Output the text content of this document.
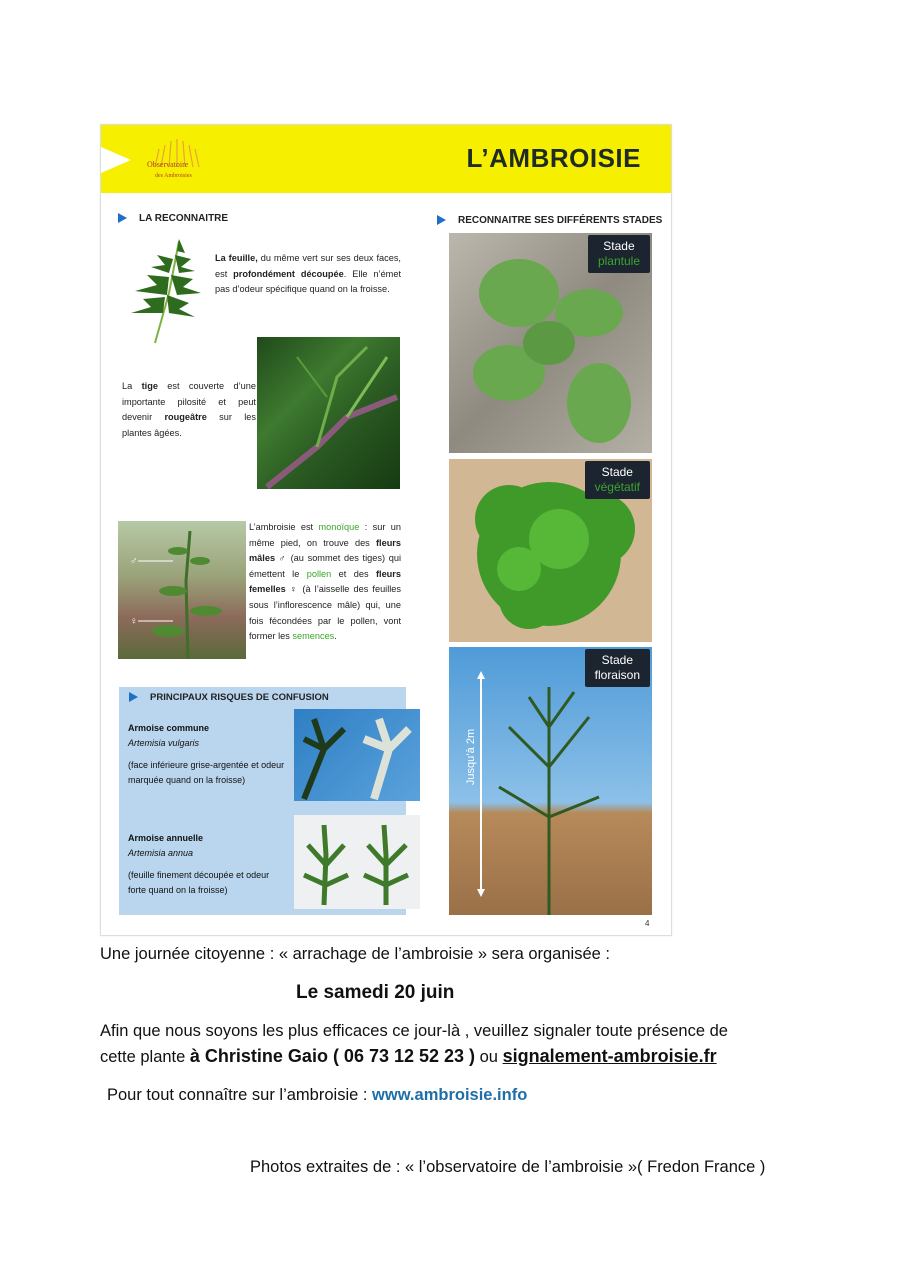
Observatoire
des Ambroisies
L’AMBROISIE
LA RECONNAITRE	RECONNAITRE SES DIFFÉRENTS STADES
La feuille, du même vert sur ses deux faces, est profondément découpée. Elle n’émet pas d’odeur spécifique quand on la froisse.
La tige est couverte d’une importante pilosité et peut devenir rougeâtre sur les plantes âgées.
♂
♀
L’ambroisie est monoïque : sur un même pied, on trouve des fleurs mâles ♂ (au sommet des tiges) qui émettent le pollen et des fleurs femelles ♀ (à l’aisselle des feuilles sous l’inflorescence mâle) qui, une fois fécondées par le pollen, vont former les semences.
PRINCIPAUX RISQUES DE CONFUSION
Armoise commune
Artemisia vulgaris
(face inférieure grise-argentée et odeur marquée quand on la froisse)
Armoise annuelle
Artemisia annua
(feuille finement découpée et odeur forte quand on la froisse)
Stade
plantule
Stade
végétatif
Jusqu’à 2m
Stade
floraison
4
Une journée citoyenne : « arrachage de l’ambroisie » sera organisée :
Le samedi 20 juin
Afin que nous soyons les plus efficaces ce jour-là , veuillez signaler toute présence de
cette plante à Christine Gaio ( 06 73 12 52 23 ) ou signalement-ambroisie.fr
Pour tout connaître sur l’ambroisie : www.ambroisie.info
Photos extraites de : « l’observatoire de l’ambroisie »( Fredon France )
